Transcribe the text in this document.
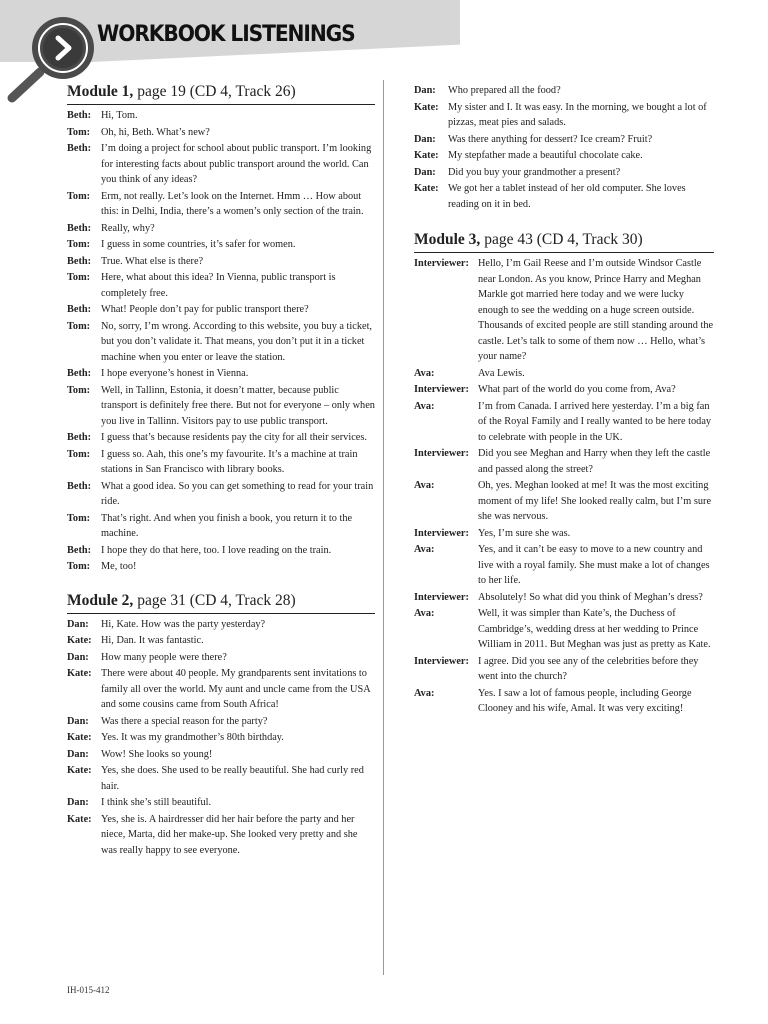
WORKBOOK LISTENINGS
Module 1, page 19 (CD 4, Track 26)
Beth: Hi, Tom.
Tom:	Oh, hi, Beth. What’s new?
Beth: I’m doing a project for school about public transport. I’m looking for interesting facts about public transport around the world. Can you think of any ideas?
Tom:	Erm, not really. Let’s look on the Internet. Hmm … How about this: in Delhi, India, there’s a women’s only section of the train.
Beth: Really, why?
Tom:	I guess in some countries, it’s safer for women.
Beth: True. What else is there?
Tom:	Here, what about this idea? In Vienna, public transport is completely free.
Beth: What! People don’t pay for public transport there?
Tom:	No, sorry, I’m wrong. According to this website, you buy a ticket, but you don’t validate it. That means, you don’t put it in a ticket machine when you enter or leave the station.
Beth: I hope everyone’s honest in Vienna.
Tom:	Well, in Tallinn, Estonia, it doesn’t matter, because public transport is definitely free there. But not for everyone – only when you live in Tallinn. Visitors pay to use public transport.
Beth: I guess that’s because residents pay the city for all their services.
Tom:	I guess so. Aah, this one’s my favourite. It’s a machine at train stations in San Francisco with library books.
Beth: What a good idea. So you can get something to read for your train ride.
Tom:	That’s right. And when you finish a book, you return it to the machine.
Beth: I hope they do that here, too. I love reading on the train.
Tom:	Me, too!
Module 2, page 31 (CD 4, Track 28)
Dan:	Hi, Kate. How was the party yesterday?
Kate: Hi, Dan. It was fantastic.
Dan:	How many people were there?
Kate: There were about 40 people. My grandparents sent invitations to family all over the world. My aunt and uncle came from the USA and some cousins came from South Africa!
Dan:	Was there a special reason for the party?
Kate: Yes. It was my grandmother’s 80th birthday.
Dan:	Wow! She looks so young!
Kate: Yes, she does. She used to be really beautiful. She had curly red hair.
Dan:	I think she’s still beautiful.
Kate: Yes, she is. A hairdresser did her hair before the party and her niece, Marta, did her make-up. She looked very pretty and she was really happy to see everyone.
Dan:	Who prepared all the food?
Kate: My sister and I. It was easy. In the morning, we bought a lot of pizzas, meat pies and salads.
Dan:	Was there anything for dessert? Ice cream? Fruit?
Kate: My stepfather made a beautiful chocolate cake.
Dan:	Did you buy your grandmother a present?
Kate: We got her a tablet instead of her old computer. She loves reading on it in bed.
Module 3, page 43 (CD 4, Track 30)
Interviewer: Hello, I’m Gail Reese and I’m outside Windsor Castle near London. As you know, Prince Harry and Meghan Markle got married here today and we were lucky enough to see the wedding on a huge screen outside. Thousands of excited people are still standing around the castle. Let’s talk to some of them now … Hello, what’s your name?
Ava:	Ava Lewis.
Interviewer: What part of the world do you come from, Ava?
Ava:	I’m from Canada. I arrived here yesterday. I’m a big fan of the Royal Family and I really wanted to be here today to celebrate with people in the UK.
Interviewer: Did you see Meghan and Harry when they left the castle and passed along the street?
Ava:	Oh, yes. Meghan looked at me! It was the most exciting moment of my life! She looked really calm, but I’m sure she was nervous.
Interviewer: Yes, I’m sure she was.
Ava:	Yes, and it can’t be easy to move to a new country and live with a royal family. She must make a lot of changes to her life.
Interviewer: Absolutely! So what did you think of Meghan’s dress?
Ava:	Well, it was simpler than Kate’s, the Duchess of Cambridge’s, wedding dress at her wedding to Prince William in 2011. But Meghan was just as pretty as Kate.
Interviewer: I agree. Did you see any of the celebrities before they went into the church?
Ava:	Yes. I saw a lot of famous people, including George Clooney and his wife, Amal. It was very exciting!
IH-015-412
